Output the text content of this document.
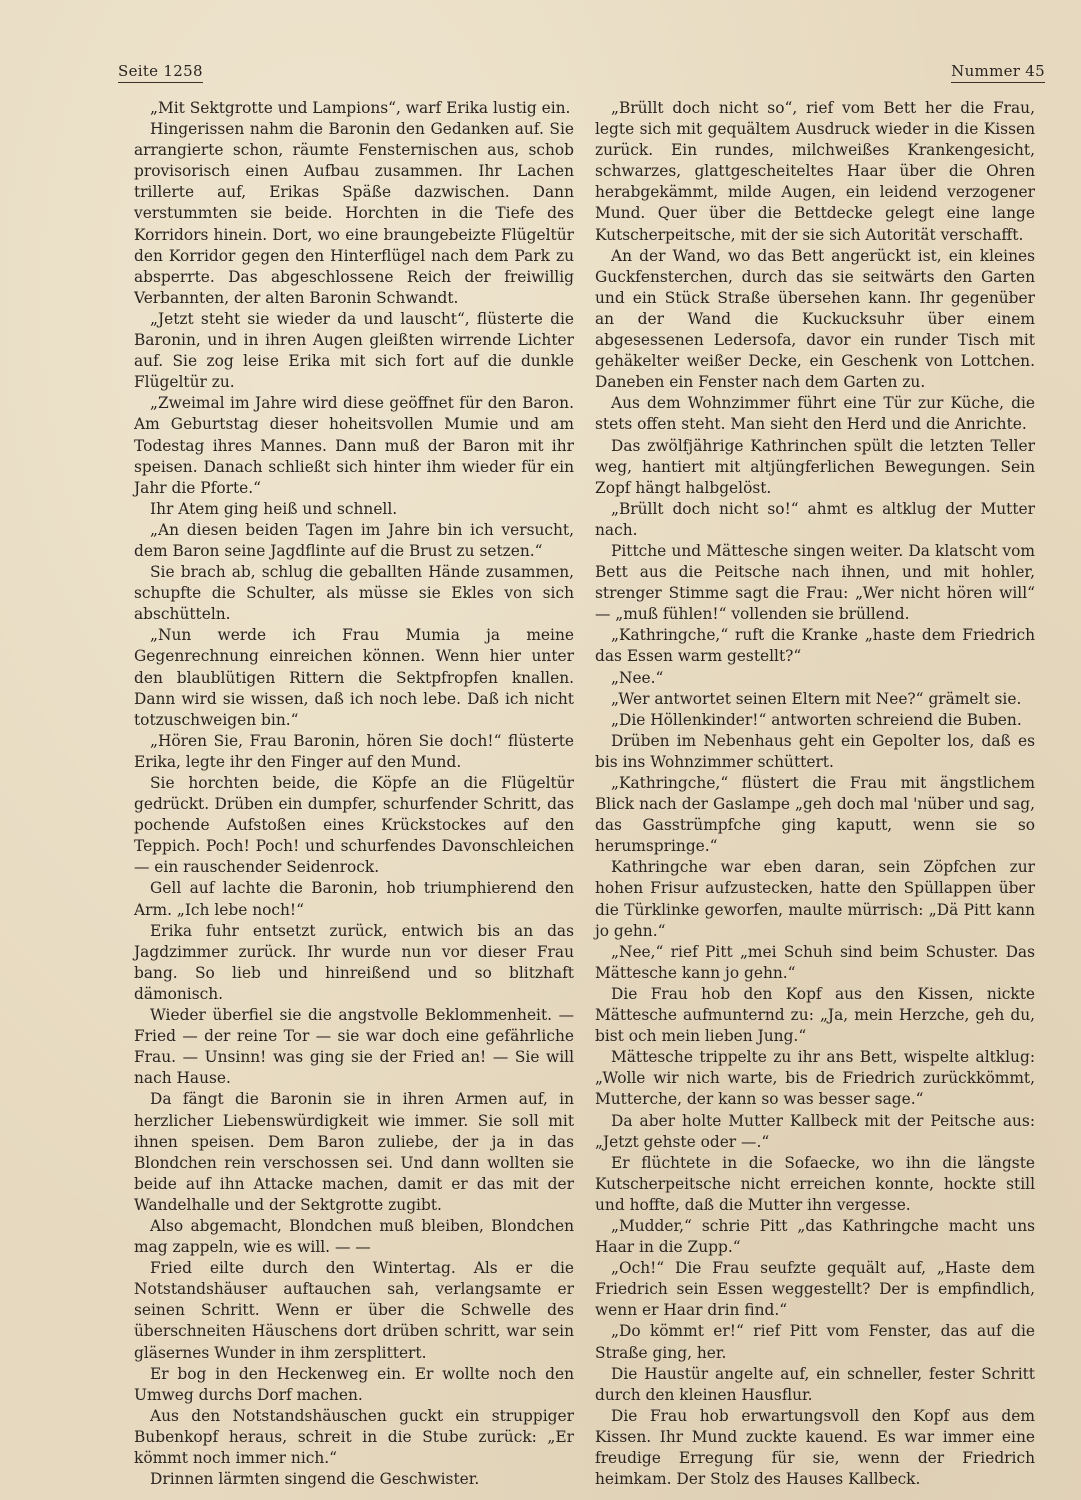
Seite 1258	Nummer 45

„Mit Sektgrotte und Lampions“, warf Erika lustig ein.

Hingerissen nahm die Baronin den Gedanken auf. Sie arrangierte schon, räumte Fensternischen aus, schob provisorisch einen Aufbau zusammen. Ihr Lachen trillerte auf, Erikas Späße dazwischen. Dann verstummten sie beide. Horchten in die Tiefe des Korridors hinein. Dort, wo eine braungebeizte Flügeltür den Korridor gegen den Hinterflügel nach dem Park zu absperrte. Das abgeschlossene Reich der freiwillig Verbannten, der alten Baronin Schwandt.

„Jetzt steht sie wieder da und lauscht“, flüsterte die Baronin, und in ihren Augen gleißten wirrende Lichter auf. Sie zog leise Erika mit sich fort auf die dunkle Flügeltür zu.

„Zweimal im Jahre wird diese geöffnet für den Baron. Am Geburtstag dieser hoheitsvollen Mumie und am Todestag ihres Mannes. Dann muß der Baron mit ihr speisen. Danach schließt sich hinter ihm wieder für ein Jahr die Pforte.“

Ihr Atem ging heiß und schnell.

„An diesen beiden Tagen im Jahre bin ich versucht, dem Baron seine Jagdflinte auf die Brust zu setzen.“

Sie brach ab, schlug die geballten Hände zusammen, schupfte die Schulter, als müsse sie Ekles von sich abschütteln.

„Nun werde ich Frau Mumia ja meine Gegenrechnung einreichen können. Wenn hier unter den blaublütigen Rittern die Sektpfropfen knallen. Dann wird sie wissen, daß ich noch lebe. Daß ich nicht totzuschweigen bin.“

„Hören Sie, Frau Baronin, hören Sie doch!“ flüsterte Erika, legte ihr den Finger auf den Mund.

Sie horchten beide, die Köpfe an die Flügeltür gedrückt. Drüben ein dumpfer, schurfender Schritt, das pochende Aufstoßen eines Krückstockes auf den Teppich. Poch! Poch! und schurfendes Davonschleichen — ein rauschender Seidenrock.

Gell auf lachte die Baronin, hob triumphierend den Arm. „Ich lebe noch!“

Erika fuhr entsetzt zurück, entwich bis an das Jagdzimmer zurück. Ihr wurde nun vor dieser Frau bang. So lieb und hinreißend und so blitzhaft dämonisch.

Wieder überfiel sie die angstvolle Beklommenheit. — Fried — der reine Tor — sie war doch eine gefährliche Frau. — Unsinn! was ging sie der Fried an! — Sie will nach Hause.

Da fängt die Baronin sie in ihren Armen auf, in herzlicher Liebenswürdigkeit wie immer. Sie soll mit ihnen speisen. Dem Baron zuliebe, der ja in das Blondchen rein verschossen sei. Und dann wollten sie beide auf ihn Attacke machen, damit er das mit der Wandelhalle und der Sektgrotte zugibt.

Also abgemacht, Blondchen muß bleiben, Blondchen mag zappeln, wie es will. — —

Fried eilte durch den Wintertag. Als er die Notstandshäuser auftauchen sah, verlangsamte er seinen Schritt. Wenn er über die Schwelle des überschneiten Häuschens dort drüben schritt, war sein gläsernes Wunder in ihm zersplittert.

Er bog in den Heckenweg ein. Er wollte noch den Umweg durchs Dorf machen.

Aus den Notstandshäuschen guckt ein struppiger Bubenkopf heraus, schreit in die Stube zurück: „Er kömmt noch immer nich.“

Drinnen lärmten singend die Geschwister.

„Brüllt doch nicht so“, rief vom Bett her die Frau, legte sich mit gequältem Ausdruck wieder in die Kissen zurück. Ein rundes, milchweißes Krankengesicht, schwarzes, glattgescheiteltes Haar über die Ohren herabgekämmt, milde Augen, ein leidend verzogener Mund. Quer über die Bettdecke gelegt eine lange Kutscherpeitsche, mit der sie sich Autorität verschafft.

An der Wand, wo das Bett angerückt ist, ein kleines Guckfensterchen, durch das sie seitwärts den Garten und ein Stück Straße übersehen kann. Ihr gegenüber an der Wand die Kuckucksuhr über einem abgesessenen Ledersofa, davor ein runder Tisch mit gehäkelter weißer Decke, ein Geschenk von Lottchen. Daneben ein Fenster nach dem Garten zu.

Aus dem Wohnzimmer führt eine Tür zur Küche, die stets offen steht. Man sieht den Herd und die Anrichte.

Das zwölfjährige Kathrinchen spült die letzten Teller weg, hantiert mit altjüngferlichen Bewegungen. Sein Zopf hängt halbgelöst.

„Brüllt doch nicht so!“ ahmt es altklug der Mutter nach.

Pittche und Mättesche singen weiter. Da klatscht vom Bett aus die Peitsche nach ihnen, und mit hohler, strenger Stimme sagt die Frau: „Wer nicht hören will“ — „muß fühlen!“ vollenden sie brüllend.

„Kathringche,“ ruft die Kranke „haste dem Friedrich das Essen warm gestellt?“

„Nee.“

„Wer antwortet seinen Eltern mit Nee?“ grämelt sie.

„Die Höllenkinder!“ antworten schreiend die Buben.

Drüben im Nebenhaus geht ein Gepolter los, daß es bis ins Wohnzimmer schüttert.

„Kathringche,“ flüstert die Frau mit ängstlichem Blick nach der Gaslampe „geh doch mal 'nüber und sag, das Gasstrümpfche ging kaputt, wenn sie so herumspringe.“

Kathringche war eben daran, sein Zöpfchen zur hohen Frisur aufzustecken, hatte den Spüllappen über die Türklinke geworfen, maulte mürrisch: „Dä Pitt kann jo gehn.“

„Nee,“ rief Pitt „mei Schuh sind beim Schuster. Das Mättesche kann jo gehn.“

Die Frau hob den Kopf aus den Kissen, nickte Mättesche aufmunternd zu: „Ja, mein Herzche, geh du, bist och mein lieben Jung.“

Mättesche trippelte zu ihr ans Bett, wispelte altklug: „Wolle wir nich warte, bis de Friedrich zurückkömmt, Mutterche, der kann so was besser sage.“

Da aber holte Mutter Kallbeck mit der Peitsche aus: „Jetzt gehste oder —.“

Er flüchtete in die Sofaecke, wo ihn die längste Kutscherpeitsche nicht erreichen konnte, hockte still und hoffte, daß die Mutter ihn vergesse.

„Mudder,“ schrie Pitt „das Kathringche macht uns Haar in die Zupp.“

„Och!“ Die Frau seufzte gequält auf, „Haste dem Friedrich sein Essen weggestellt? Der is empfindlich, wenn er Haar drin find.“

„Do kömmt er!“ rief Pitt vom Fenster, das auf die Straße ging, her.

Die Haustür angelte auf, ein schneller, fester Schritt durch den kleinen Hausflur.

Die Frau hob erwartungsvoll den Kopf aus dem Kissen. Ihr Mund zuckte kauend. Es war immer eine freudige Erregung für sie, wenn der Friedrich heimkam. Der Stolz des Hauses Kallbeck.
